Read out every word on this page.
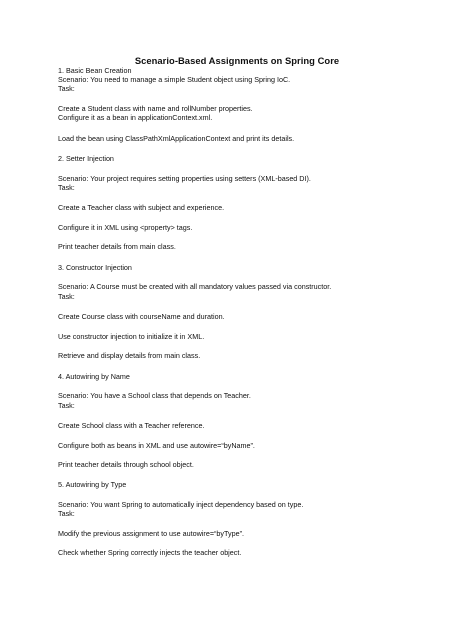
Scenario-Based Assignments on Spring Core
1. Basic Bean Creation
Scenario: You need to manage a simple Student object using Spring IoC.
Task:
Create a Student class with name and rollNumber properties.
Configure it as a bean in applicationContext.xml.
Load the bean using ClassPathXmlApplicationContext and print its details.
2. Setter Injection
Scenario: Your project requires setting properties using setters (XML-based DI).
Task:
Create a Teacher class with subject and experience.
Configure it in XML using <property> tags.
Print teacher details from main class.
3. Constructor Injection
Scenario: A Course must be created with all mandatory values passed via constructor.
Task:
Create Course class with courseName and duration.
Use constructor injection to initialize it in XML.
Retrieve and display details from main class.
4. Autowiring by Name
Scenario: You have a School class that depends on Teacher.
Task:
Create School class with a Teacher reference.
Configure both as beans in XML and use autowire=“byName”.
Print teacher details through school object.
5. Autowiring by Type
Scenario: You want Spring to automatically inject dependency based on type.
Task:
Modify the previous assignment to use autowire=“byType”.
Check whether Spring correctly injects the teacher object.
